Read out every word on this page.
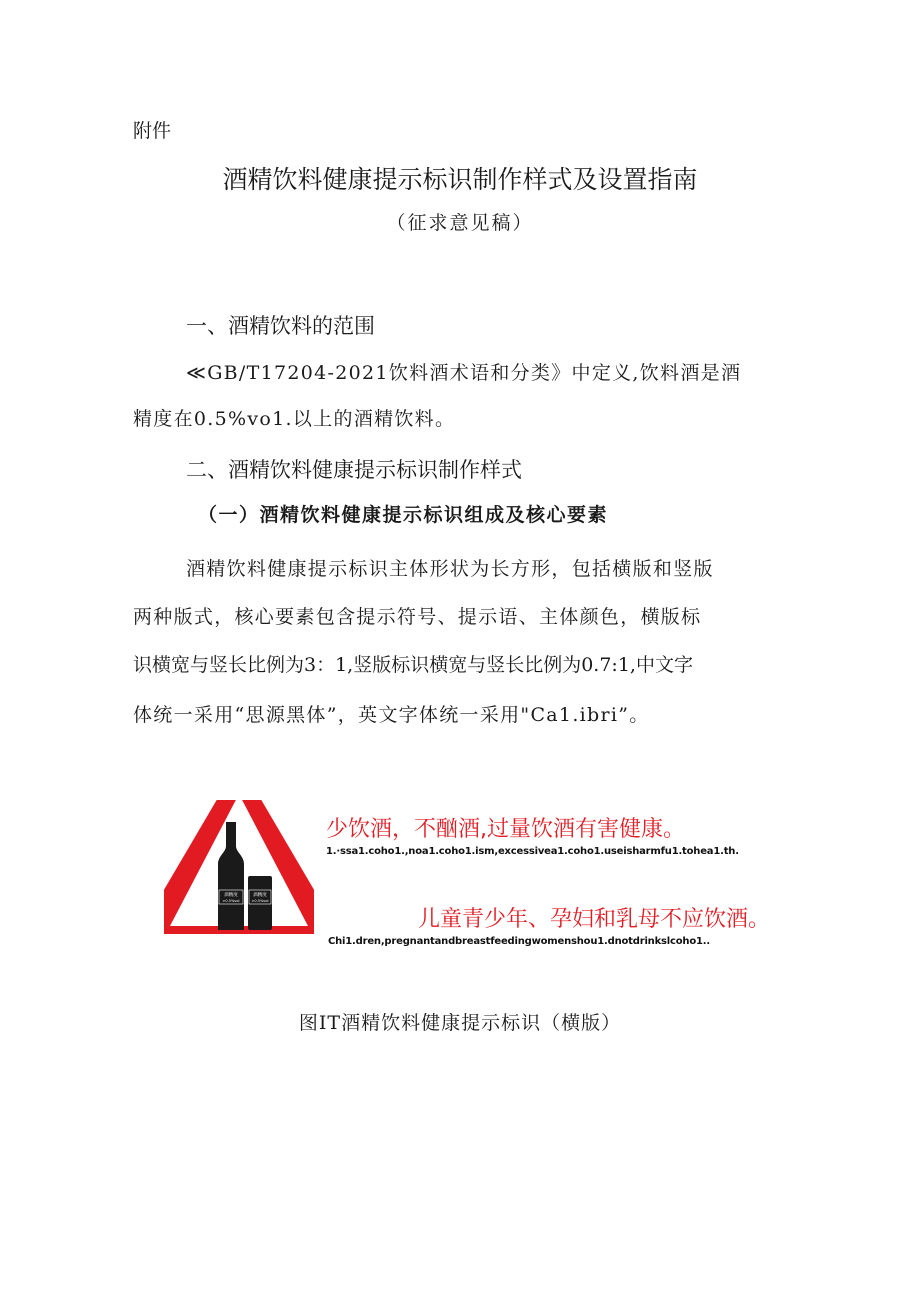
附件
酒精饮料健康提示标识制作样式及设置指南
（征求意见稿）
一、酒精饮料的范围
≪GB/T17204-2021饮料酒术语和分类》中定义,饮料酒是酒
精度在0.5%vo1.以上的酒精饮料。
二、酒精饮料健康提示标识制作样式
（一）酒精饮料健康提示标识组成及核心要素
酒精饮料健康提示标识主体形状为长方形，包括横版和竖版
两种版式，核心要素包含提示符号、提示语、主体颜色，横版标
识横宽与竖长比例为3：1,竖版标识横宽与竖长比例为0.7:1,中文字
体统一采用“思源黑体”，英文字体统一采用"Ca1.ibri”。
酒精度
>0.5%vol
酒精度
>0.5%vol
少饮酒，不酗酒,过量饮酒有害健康。
1.·ssa1.coho1.,noa1.coho1.ism,excessivea1.coho1.useisharmfu1.tohea1.th.
儿童青少年、孕妇和乳母不应饮酒。
Chi1.dren,pregnantandbreastfeedingwomenshou1.dnotdrinkslcoho1..
图IT酒精饮料健康提示标识（横版）
